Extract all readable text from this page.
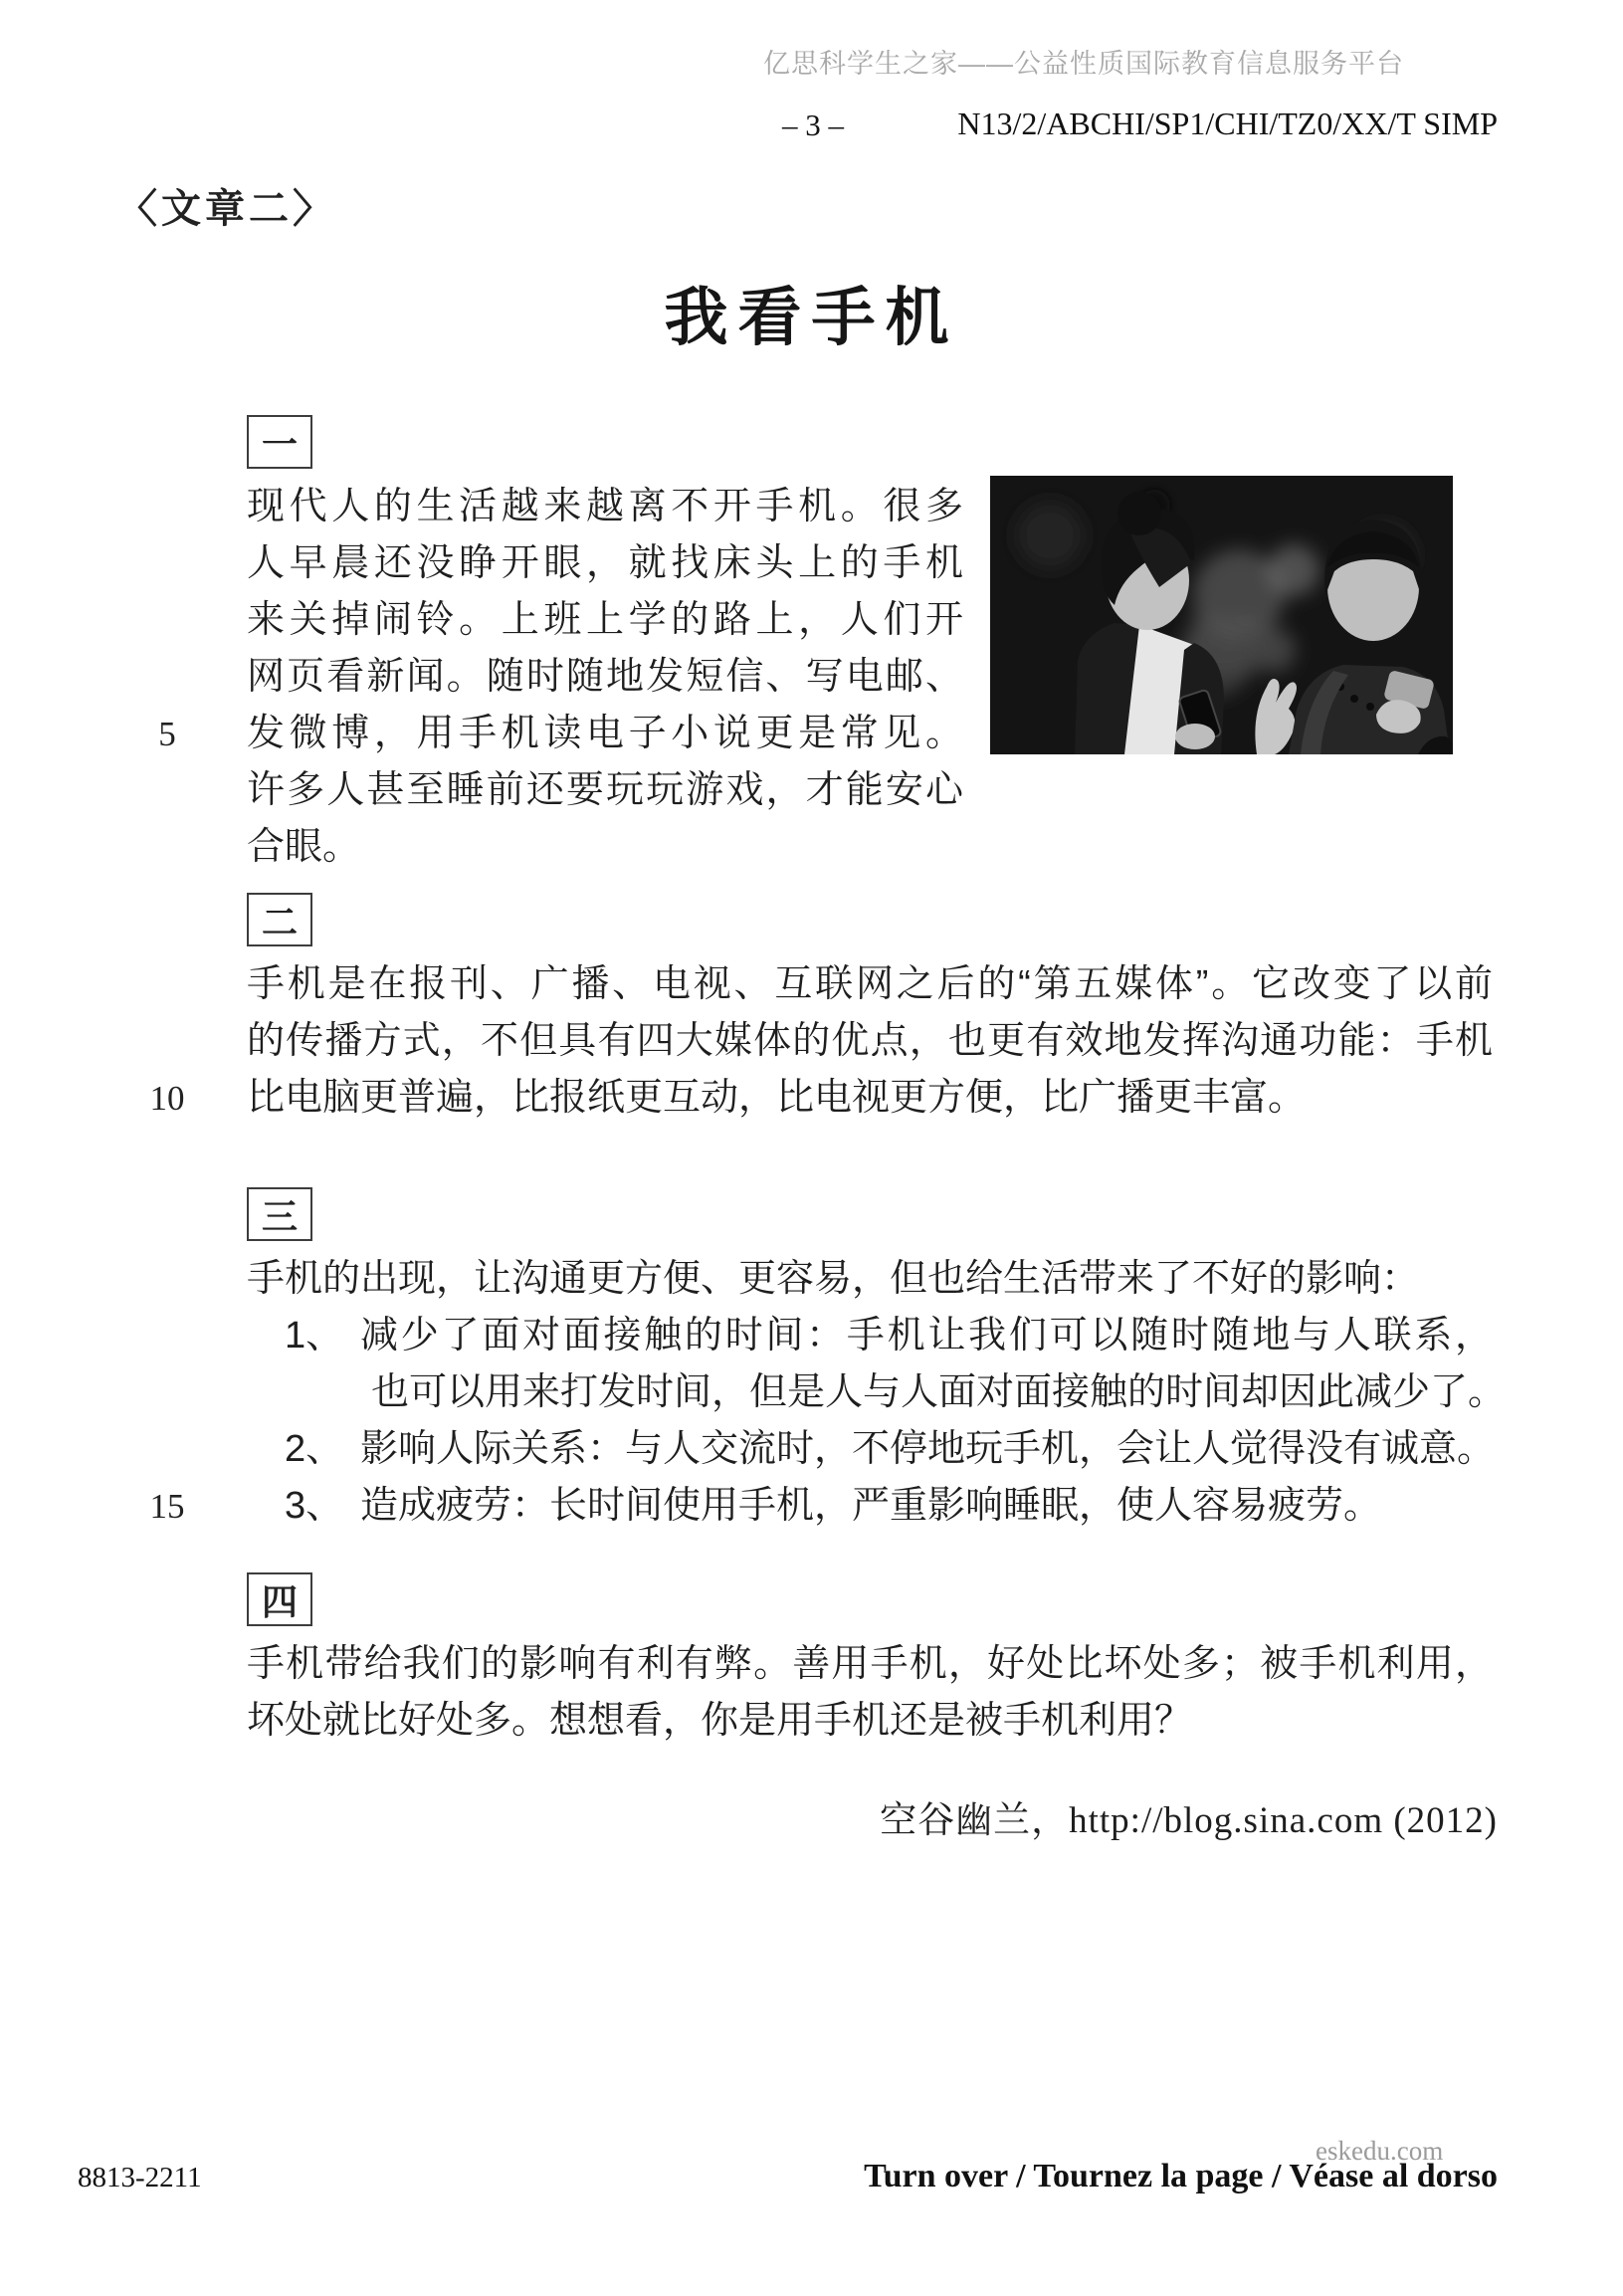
亿思科学生之家——公益性质国际教育信息服务平台
– 3 –	N13/2/ABCHI/SP1/CHI/TZ0/XX/T SIMP
〈文章二〉
我看手机
一
现代人的生活越来越离不开手机。很多
人早晨还没睁开眼，就找床头上的手机
来关掉闹铃。上班上学的路上，人们开
网页看新闻。随时随地发短信、写电邮、
5	发微博，用手机读电子小说更是常见。
许多人甚至睡前还要玩玩游戏，才能安心
合眼。
二
手机是在报刊、广播、电视、互联网之后的“第五媒体”。它改变了以前
的传播方式，不但具有四大媒体的优点，也更有效地发挥沟通功能：手机
10	比电脑更普遍，比报纸更互动，比电视更方便，比广播更丰富。
三
手机的出现，让沟通更方便、更容易，但也给生活带来了不好的影响：
1、 减少了面对面接触的时间：手机让我们可以随时随地与人联系，
也可以用来打发时间，但是人与人面对面接触的时间却因此减少了。
2、 影响人际关系：与人交流时，不停地玩手机，会让人觉得没有诚意。
15	3、 造成疲劳：长时间使用手机，严重影响睡眠，使人容易疲劳。
四
手机带给我们的影响有利有弊。善用手机，好处比坏处多；被手机利用，
坏处就比好处多。想想看，你是用手机还是被手机利用？
空谷幽兰，http://blog.sina.com (2012)
8813-2211
eskedu.com
Turn over / Tournez la page / Véase al dorso
